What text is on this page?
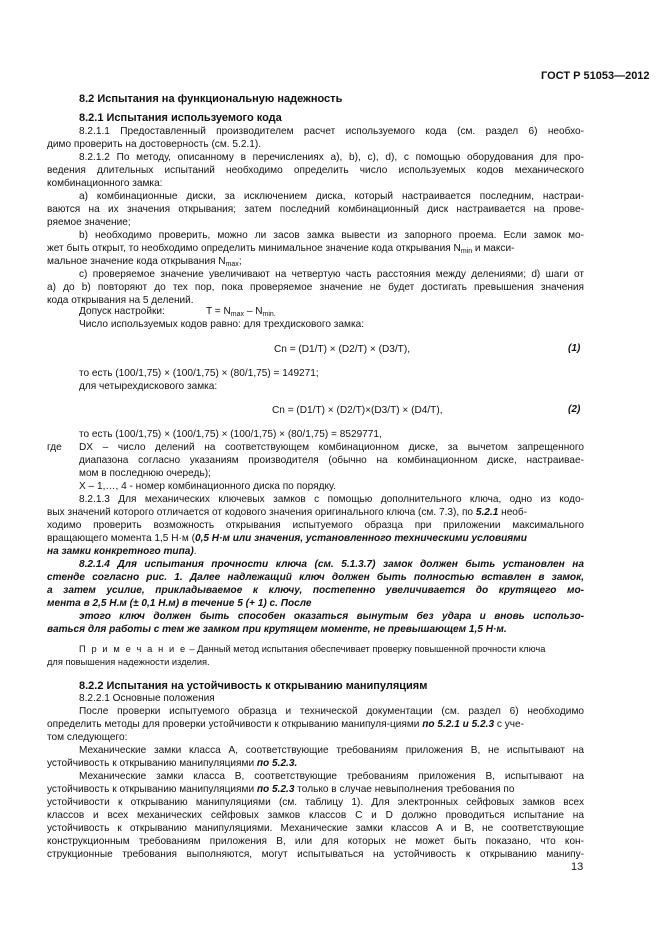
ГОСТ Р 51053—2012
8.2 Испытания на функциональную надежность
8.2.1 Испытания используемого кода
8.2.1.1 Предоставленный производителем расчет используемого кода (см. раздел 6) необхо-
димо проверить на достоверность (см. 5.2.1).
8.2.1.2 По методу, описанному в перечислениях а), b), с), d), с помощью оборудования для про-
ведения длительных испытаний необходимо определить число используемых кодов механического
комбинационного замка:
a) комбинационные диски, за исключением диска, который настраивается последним, настраи-
ваются на их значения открывания; затем последний комбинационный диск настраивается на прове-
ряемое значение;
b) необходимо проверить, можно ли засов замка вывести из запорного проема. Если замок мо-
жет быть открыт, то необходимо определить минимальное значение кода открывания $N_{min}$ и макси-
мальное значение кода открывания $N_{max}$;
c) проверяемое значение увеличивают на четвертую часть расстояния между делениями; d) шаги от
а) до b) повторяют до тех пор, пока проверяемое значение не будет достигать превышения значения
кода открывания на 5 делений.
Допуск настройки:	$T = N_{max} - N_{min.}$
Число используемых кодов равно: для трехдискового замка:
Cn = (D1/T) × (D2/T) × (D3/T),	(1)
то есть (100/1,75) × (100/1,75) × (80/1,75) = 149271;
для четырехдискового замка:
Cn = (D1/T) × (D2/T)×(D3/T) × (D4/T),	(2)
то есть (100/1,75) × (100/1,75) × (100/1,75) × (80/1,75) = 8529771,
где DX – число делений на соответствующем комбинационном диске, за вычетом запрещенного
диапазона согласно указаниям производителя (обычно на комбинационном диске, настраивае-
мом в последнюю очередь);
X – 1,…, 4 - номер комбинационного диска по порядку.
8.2.1.3 Для механических ключевых замков с помощью дополнительного ключа, одно из кодо-
вых значений которого отличается от кодового значения оригинального ключа (см. 7.3), по 5.2.1 необ-
ходимо проверить возможность открывания испытуемого образца при приложении максимального
вращающего момента 1,5 Н·м (0,5 Н·м или значения, установленного техническими условиями
на замки конкретного типа).
8.2.1.4 Для испытания прочности ключа (см. 5.1.3.7) замок должен быть установлен на
стенде согласно рис. 1. Далее надлежащий ключ должен быть полностью вставлен в замок,
а затем усилие, прикладываемое к ключу, постепенно увеличивается до крутящего мо-
мента в 2,5 Н.м (± 0,1 Н.м) в течение 5 (+ 1) с. После
этого ключ должен быть способен оказаться вынутым без удара и вновь использо-
ваться для работы с тем же замком при крутящем моменте, не превышающем 1,5 Н·м.
П р и м е ч а н и е – Данный метод испытания обеспечивает проверку повышенной прочности ключа
для повышения надежности изделия.
8.2.2 Испытания на устойчивость к открыванию манипуляциям
8.2.2.1 Основные положения
После проверки испытуемого образца и технической документации (см. раздел 6) необходимо
определить методы для проверки устойчивости к открыванию манипуля-циями по 5.2.1 и 5.2.3 с уче-
том следующего:
Механические замки класса А, соответствующие требованиям приложения В, не испытывают на
устойчивость к открыванию манипуляциями по 5.2.3.
Механические замки класса В, соответствующие требованиям приложения В, испытывают на
устойчивость к открыванию манипуляциями по 5.2.3 только в случае невыполнения требования по
устойчивости к открыванию манипуляциями (см. таблицу 1). Для электронных сейфовых замков всех
классов и всех механических сейфовых замков классов С и D должно проводиться испытание на
устойчивость к открыванию манипуляциями. Механические замки классов А и В, не соответствующие
конструкционным требованиям приложения В, или для которых не может быть показано, что кон-
струкционные требования выполняются, могут испытываться на устойчивость к открыванию манипу-
13
